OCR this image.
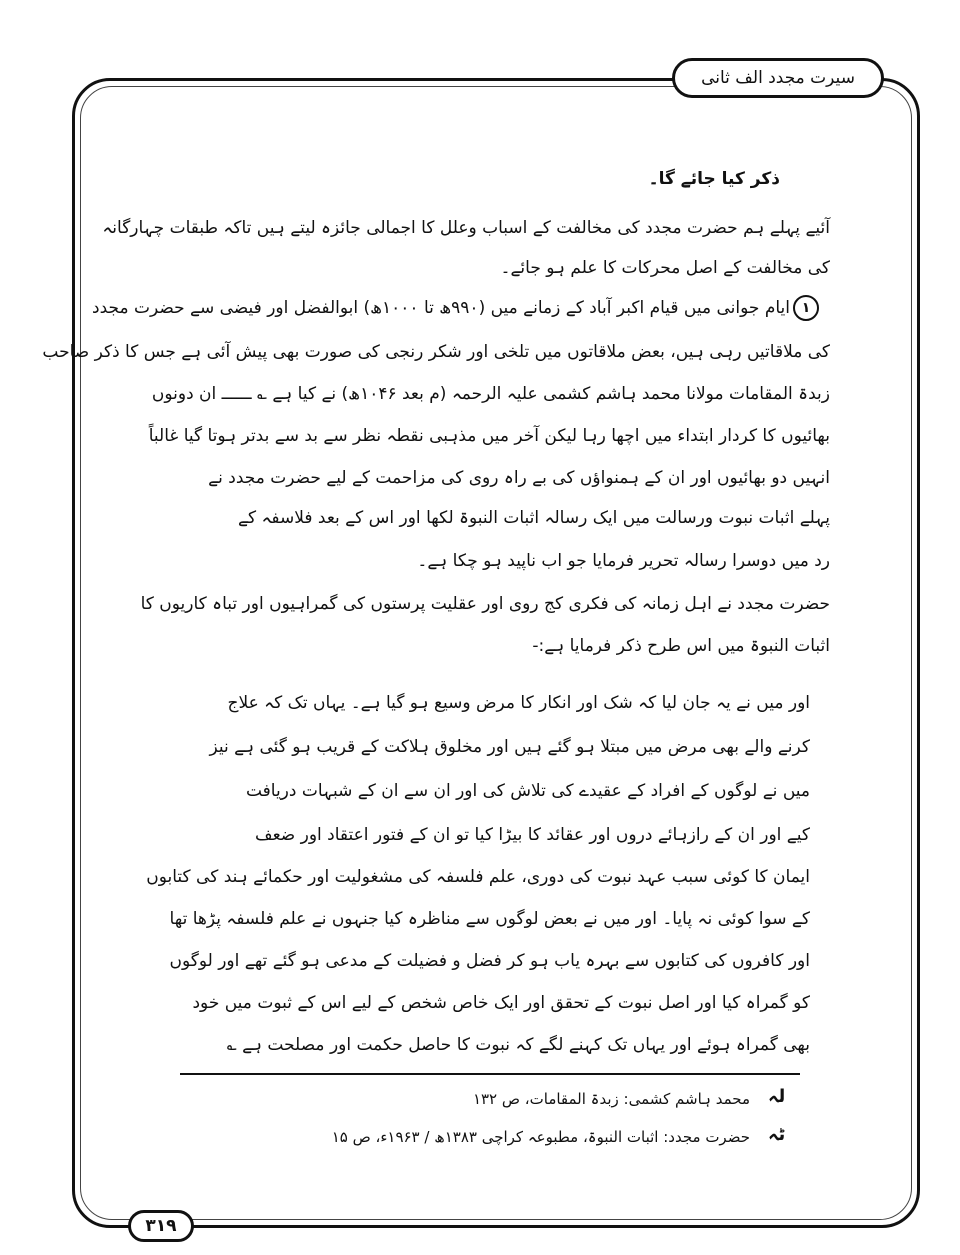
سیرت مجدد الف ثانی
ذکر کیا جائے گا۔
آئیے پہلے ہم حضرت مجدد کی مخالفت کے اسباب وعلل کا اجمالی جائزہ لیتے ہیں تاکہ طبقات چہارگانہ
کی مخالفت کے اصل محرکات کا علم ہو جائے۔
ایام جوانی میں قیام اکبر آباد کے زمانے میں (۹۹۰ھ تا ۱۰۰۰ھ) ابوالفضل اور فیضی سے حضرت مجدد
کی ملاقاتیں رہی ہیں، بعض ملاقاتوں میں تلخی اور شکر رنجی کی صورت بھی پیش آئی ہے جس کا ذکر صاحب
زبدۃ المقامات مولانا محمد ہاشم کشمی علیہ الرحمہ (م بعد ۱۰۴۶ھ) نے کیا ہے ؎ ــــــ ان دونوں
بھائیوں کا کردار ابتداء میں اچھا رہا لیکن آخر میں مذہبی نقطہ نظر سے بد سے بدتر ہوتا گیا غالباً
انہیں دو بھائیوں اور ان کے ہمنواؤں کی بے راہ روی کی مزاحمت کے لیے حضرت مجدد نے
پہلے اثبات نبوت ورسالت میں ایک رسالہ اثبات النبوۃ لکھا اور اس کے بعد فلاسفہ کے
رد میں دوسرا رسالہ تحریر فرمایا جو اب ناپید ہو چکا ہے۔
حضرت مجدد نے اہل زمانہ کی فکری کج روی اور عقلیت پرستوں کی گمراہیوں اور تباہ کاریوں کا
اثبات النبوۃ میں اس طرح ذکر فرمایا ہے:-
۱
اور میں نے یہ جان لیا کہ شک اور انکار کا مرض وسیع ہو گیا ہے۔ یہاں تک کہ علاج
کرنے والے بھی مرض میں مبتلا ہو گئے ہیں اور مخلوق ہلاکت کے قریب ہو گئی ہے نیز
میں نے لوگوں کے افراد کے عقیدے کی تلاش کی اور ان سے ان کے شبہات دریافت
کیے اور ان کے رازہائے دروں اور عقائد کا بیڑا کیا تو ان کے فتور اعتقاد اور ضعف
ایمان کا کوئی سبب عہد نبوت کی دوری، علم فلسفہ کی مشغولیت اور حکمائے ہند کی کتابوں
کے سوا کوئی نہ پایا۔ اور میں نے بعض لوگوں سے مناظرہ کیا جنہوں نے علم فلسفہ پڑھا تھا
اور کافروں کی کتابوں سے بہرہ یاب ہو کر فضل و فضیلت کے مدعی ہو گئے تھے اور لوگوں
کو گمراہ کیا اور اصل نبوت کے تحقق اور ایک خاص شخص کے لیے اس کے ثبوت میں خود
بھی گمراہ ہوئے اور یہاں تک کہنے لگے کہ نبوت کا حاصل حکمت اور مصلحت ہے ؎
لہ
محمد ہاشم کشمی: زبدۃ المقامات، ص ۱۳۲
ٹہ
حضرت مجدد: اثبات النبوۃ، مطبوعہ کراچی ۱۳۸۳ھ / ۱۹۶۳ء، ص ۱۵
۳۱۹
